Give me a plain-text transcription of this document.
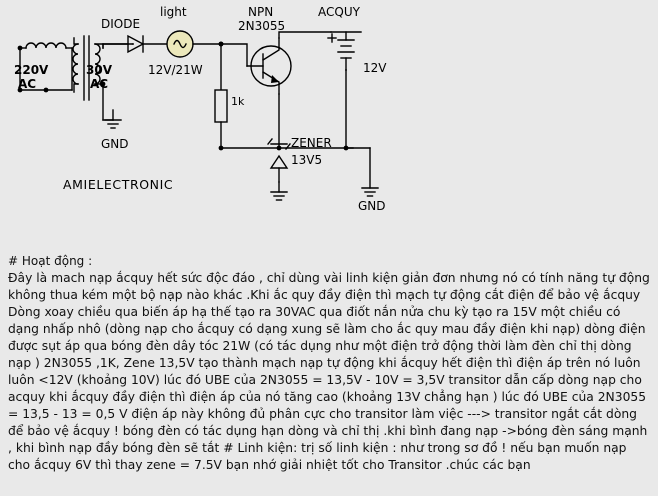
220V
AC
30V
AC
DIODE
light
12V/21W
NPN
2N3055
1k
ZENER
13V5
ACQUY
12V
GND
GND
AMIELECTRONIC

# Hoạt động :

Đây là mach nạp ắcquy hết sức độc đáo , chỉ dùng vài linh kiện giản đơn nhưng nó có tính năng tự động không thua kém một bộ nạp nào khác .Khi ắc quy đầy điện thì mạch tự động cắt điện để bảo vệ ắcquy Dòng xoay chiều qua biến áp hạ thế tạo ra 30VAC qua điốt nắn nửa chu kỳ tạo ra 15V một chiều có dạng nhấp nhô (dòng nạp cho ắcquy có dạng xung sẽ làm cho ắc quy mau đầy điện khi nạp) dòng điện được sụt áp qua bóng đèn dây tóc 21W (có tác dụng như một điện trở động thời làm đèn chỉ thị dòng nạp ) 2N3055 ,1K, Zene 13,5V tạo thành mạch nạp tự động khi ắcquy hết điện thì điện áp trên nó luôn luôn <12V (khoảng 10V) lúc đó UBE của 2N3055 = 13,5V - 10V = 3,5V transitor dẫn cấp dòng nạp cho acquy khi ắcquy đầy điện thì điện áp của nó tăng cao (khoảng 13V chẳng hạn ) lúc đó UBE của 2N3055 = 13,5 - 13 = 0,5 V điện áp này không đủ phân cực cho transitor làm việc ---> transitor ngắt cắt dòng để bảo vệ ắcquy ! bóng đèn có tác dụng hạn dòng và chỉ thị .khi bình đang nạp ->bóng đèn sáng mạnh , khi bình nạp đầy bóng đèn sẽ tắt # Linh kiện: trị số linh kiện : như trong sơ đồ ! nếu bạn muốn nạp cho ắcquy 6V thì thay zene = 7.5V bạn nhớ giải nhiệt tốt cho Transitor .chúc các bạn
